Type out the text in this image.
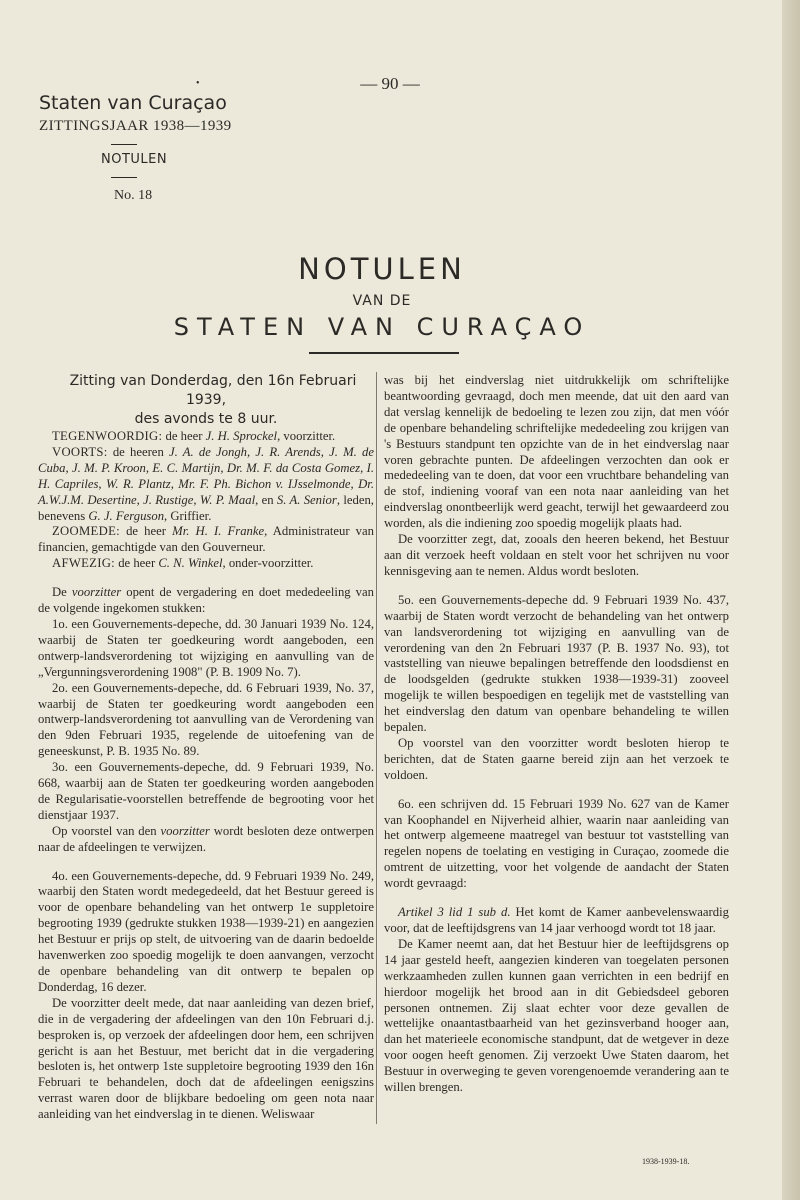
•	— 90 —
Staten van Curaçao
ZITTINGSJAAR 1938—1939
NOTULEN
No. 18
NOTULEN
VAN DE
STATEN VAN CURAÇAO

Zitting van Donderdag, den 16n Februari 1939,
des avonds te 8 uur.

TEGENWOORDIG: de heer J. H. Sprockel, voorzitter.

VOORTS: de heeren J. A. de Jongh, J. R. Arends, J. M. de Cuba, J. M. P. Kroon, E. C. Martijn, Dr. M. F. da Costa Gomez, I. H. Capriles, W. R. Plantz, Mr. F. Ph. Bichon v. IJsselmonde, Dr. A.W.J.M. Desertine, J. Rustige, W. P. Maal, en S. A. Senior, leden, benevens G. J. Ferguson, Griffier.

ZOOMEDE: de heer Mr. H. I. Franke, Administrateur van financien, gemachtigde van den Gouverneur.

AFWEZIG: de heer C. N. Winkel, onder-voorzitter.

De voorzitter opent de vergadering en doet mededeeling van de volgende ingekomen stukken:

1o. een Gouvernements-depeche, dd. 30 Januari 1939 No. 124, waarbij de Staten ter goedkeuring wordt aangeboden, een ontwerp-landsverordening tot wijziging en aanvulling van de „Vergunningsverordening 1908" (P. B. 1909 No. 7).

2o. een Gouvernements-depeche, dd. 6 Februari 1939, No. 37, waarbij de Staten ter goedkeuring wordt aangeboden een ontwerp-landsverordening tot aanvulling van de Verordening van den 9den Februari 1935, regelende de uitoefening van de geneeskunst, P. B. 1935 No. 89.

3o. een Gouvernements-depeche, dd. 9 Februari 1939, No. 668, waarbij aan de Staten ter goedkeuring worden aangeboden de Regularisatie-voorstellen betreffende de begrooting voor het dienstjaar 1937.

Op voorstel van den voorzitter wordt besloten deze ontwerpen naar de afdeelingen te verwijzen.

4o. een Gouvernements-depeche, dd. 9 Februari 1939 No. 249, waarbij den Staten wordt medegedeeld, dat het Bestuur gereed is voor de openbare behandeling van het ontwerp 1e suppletoire begrooting 1939 (gedrukte stukken 1938—1939-21) en aangezien het Bestuur er prijs op stelt, de uitvoering van de daarin bedoelde havenwerken zoo spoedig mogelijk te doen aanvangen, verzocht de openbare behandeling van dit ontwerp te bepalen op Donderdag, 16 dezer.

De voorzitter deelt mede, dat naar aanleiding van dezen brief, die in de vergadering der afdeelingen van den 10n Februari d.j. besproken is, op verzoek der afdeelingen door hem, een schrijven gericht is aan het Bestuur, met bericht dat in die vergadering besloten is, het ontwerp 1ste suppletoire begrooting 1939 den 16n Februari te behandelen, doch dat de afdeelingen eenigszins verrast waren door de blijkbare bedoeling om geen nota naar aanleiding van het eindverslag in te dienen. Weliswaar

was bij het eindverslag niet uitdrukkelijk om schriftelijke beantwoording gevraagd, doch men meende, dat uit den aard van dat verslag kennelijk de bedoeling te lezen zou zijn, dat men vóór de openbare behandeling schriftelijke mededeeling zou krijgen van 's Bestuurs standpunt ten opzichte van de in het eindverslag naar voren gebrachte punten. De afdeelingen verzochten dan ook er mededeeling van te doen, dat voor een vruchtbare behandeling van de stof, indiening vooraf van een nota naar aanleiding van het eindverslag onontbeerlijk werd geacht, terwijl het gewaardeerd zou worden, als die indiening zoo spoedig mogelijk plaats had.

De voorzitter zegt, dat, zooals den heeren bekend, het Bestuur aan dit verzoek heeft voldaan en stelt voor het schrijven nu voor kennisgeving aan te nemen. Aldus wordt besloten.

5o. een Gouvernements-depeche dd. 9 Februari 1939 No. 437, waarbij de Staten wordt verzocht de behandeling van het ontwerp van landsverordening tot wijziging en aanvulling van de verordening van den 2n Februari 1937 (P. B. 1937 No. 93), tot vaststelling van nieuwe bepalingen betreffende den loodsdienst en de loodsgelden (gedrukte stukken 1938—1939-31) zooveel mogelijk te willen bespoedigen en tegelijk met de vaststelling van het eindverslag den datum van openbare behandeling te willen bepalen.

Op voorstel van den voorzitter wordt besloten hierop te berichten, dat de Staten gaarne bereid zijn aan het verzoek te voldoen.

6o. een schrijven dd. 15 Februari 1939 No. 627 van de Kamer van Koophandel en Nijverheid alhier, waarin naar aanleiding van het ontwerp algemeene maatregel van bestuur tot vaststelling van regelen nopens de toelating en vestiging in Curaçao, zoomede die omtrent de uitzetting, voor het volgende de aandacht der Staten wordt gevraagd:

Artikel 3 lid 1 sub d. Het komt de Kamer aanbevelenswaardig voor, dat de leeftijdsgrens van 14 jaar verhoogd wordt tot 18 jaar.

De Kamer neemt aan, dat het Bestuur hier de leeftijdsgrens op 14 jaar gesteld heeft, aangezien kinderen van toegelaten personen werkzaamheden zullen kunnen gaan verrichten in een bedrijf en hierdoor mogelijk het brood aan in dit Gebiedsdeel geboren personen ontnemen. Zij slaat echter voor deze gevallen de wettelijke onaantastbaarheid van het gezinsverband hooger aan, dan het materieele economische standpunt, dat de wetgever in deze voor oogen heeft genomen. Zij verzoekt Uwe Staten daarom, het Bestuur in overweging te geven vorengenoemde verandering aan te willen brengen.

1938-1939-18.
